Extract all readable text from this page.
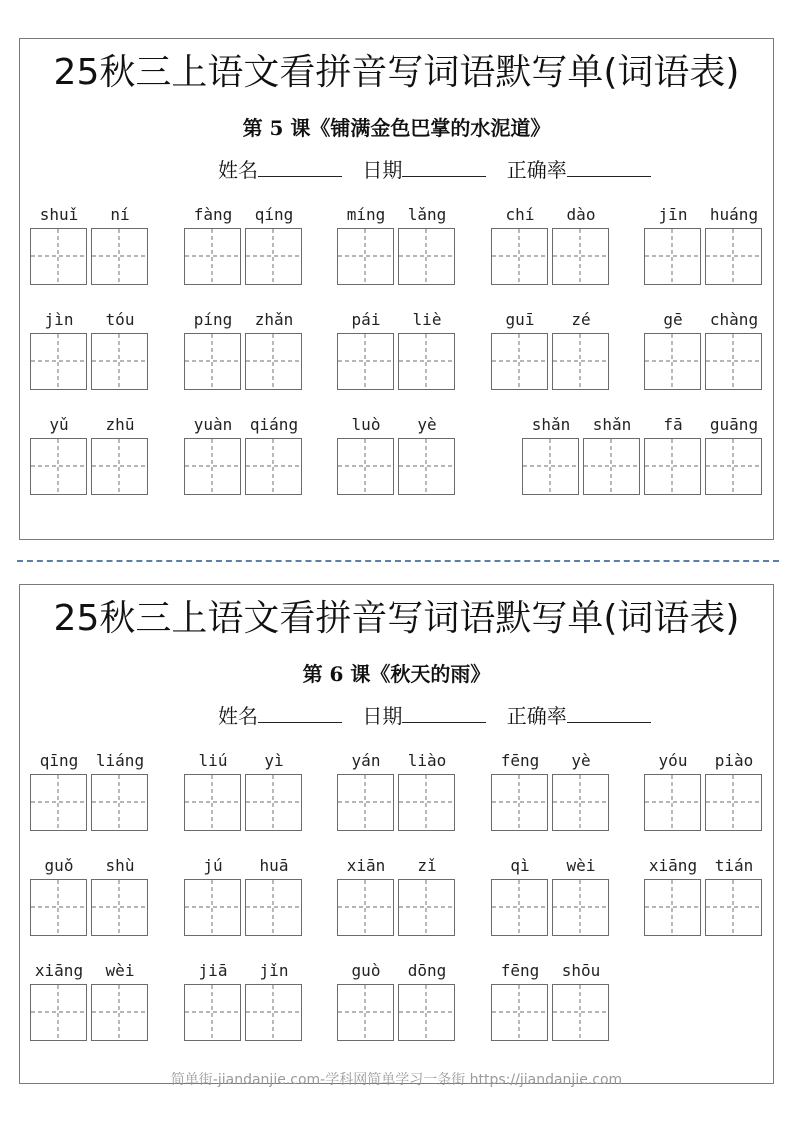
25秋三上语文看拼音写词语默写单(词语表)
第 5 课《铺满金色巴掌的水泥道》
姓名	日期	正确率
shuǐ	ní	fàng	qíng	míng	lǎng	chí	dào	jīn	huáng
jìn	tóu	píng	zhǎn	pái	liè	guī	zé	gē	chàng
yǔ	zhū	yuàn	qiáng	luò	yè	shǎn	shǎn	fā	guāng
25秋三上语文看拼音写词语默写单(词语表)
第 6 课《秋天的雨》
姓名	日期	正确率
qīng	liáng	liú	yì	yán	liào	fēng	yè	yóu	piào
guǒ	shù	jú	huā	xiān	zǐ	qì	wèi	xiāng	tián
xiāng	wèi	jiā	jǐn	guò	dōng	fēng	shōu
简单街-jiandanjie.com-学科网简单学习一条街 https://jiandanjie.com
